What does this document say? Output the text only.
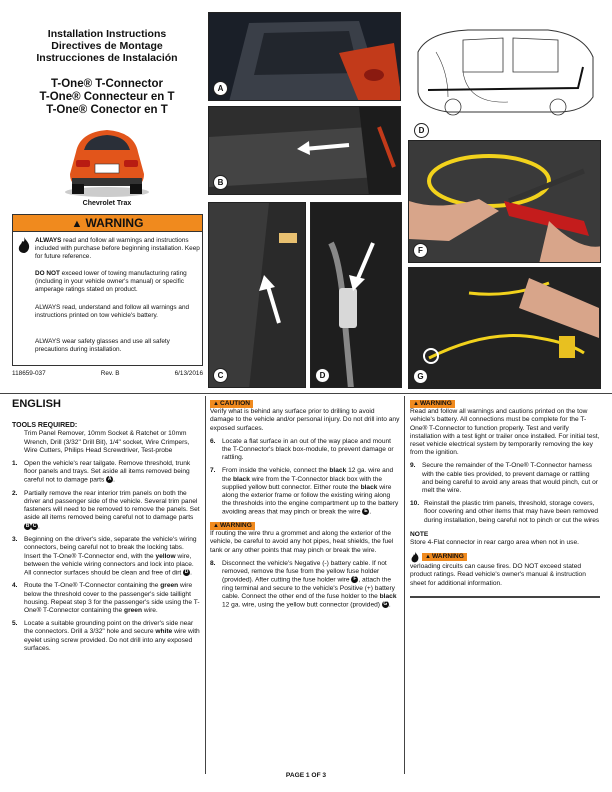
Installation Instructions
Directives de Montage
Instrucciones de Instalación
T-One® T-Connector
T-One® Connecteur en T
T-One® Conector en T
Chevrolet Trax
▲ WARNING
ALWAYS read and follow all warnings and instructions included with purchase before beginning installation. Keep for future reference.
DO NOT exceed lower of towing manufacturing rating (including in your vehicle owner's manual) or specific amperage ratings stated on product.
ALWAYS read, understand and follow all warnings and instructions printed on tow vehicle's battery.
ALWAYS wear safety glasses and use all safety precautions during installation.
118659-037	Rev. B	6/13/2016
A
B
C	D
D
F
G
ENGLISH
TOOLS REQUIRED:
Trim Panel Remover, 10mm Socket & Ratchet or 10mm Wrench, Drill (3/32" Drill Bit), 1/4" socket, Wire Crimpers, Wire Cutters, Philips Head Screwdriver, Test-probe
1. Open the vehicle's rear tailgate. Remove threshold, trunk floor panels and trays. Set aside all items removed being careful not to damage parts A .
2. Partially remove the rear interior trim panels on both the driver and passenger side of the vehicle. Several trim panel fasteners will need to be removed to remove the panels. Set aside all items removed being careful not to damage parts B C .
3. Beginning on the driver's side, separate the vehicle's wiring connectors, being careful not to break the locking tabs. Insert the T-One® T-Connector end, with the yellow wire, between the vehicle wiring connectors and lock into place. All connector surfaces should be clean and free of dirt D .
4. Route the T-One® T-Connector containing the green wire below the threshold cover to the passenger's side taillight housing. Repeat step 3 for the passenger's side using the T-One® T-Connector containing the green wire.
5. Locate a suitable grounding point on the driver's side near the connectors. Drill a 3/32" hole and secure white wire with eyelet using screw provided. Do not drill into any exposed surfaces.
▲CAUTION
Verify what is behind any surface prior to drilling to avoid damage to the vehicle and/or personal injury. Do not drill into any exposed surfaces.
6. Locate a flat surface in an out of the way place and mount the T-Connector's black box-module, to prevent damage or rattling.
7. From inside the vehicle, connect the black 12 ga. wire and the black wire from the T-Connector black box with the supplied yellow butt connector. Either route the black wire along the exterior frame or follow the existing wiring along the thresholds into the engine compartment up to the battery avoiding areas that may pinch or break the wire E .
▲WARNING
If routing the wire thru a grommet and along the exterior of the vehicle, be careful to avoid any hot pipes, heat shields, the fuel tank or any other points that may pinch or break the wire.
8. Disconnect the vehicle's Negative (-) battery cable. If not removed, remove the fuse from the yellow fuse holder (provided). After cutting the fuse holder wire F , attach the ring terminal and secure to the vehicle's Positive (+) battery cable. Connect the other end of the fuse holder to the black 12 ga. wire, using the yellow butt connector (provided) G .
▲WARNING
Read and follow all warnings and cautions printed on the tow vehicle's battery. All connections must be complete for the T-One® T-Connector to function properly. Test and verify installation with a test light or trailer once installed. For initial test, reset vehicle electrical system by temporarily removing the key from the ignition.
9. Secure the remainder of the T-One® T-Connector harness with the cable ties provided, to prevent damage or rattling and being careful to avoid any areas that would pinch, cut or melt the wire.
10. Reinstall the plastic trim panels, threshold, storage covers, floor covering and other items that may have been removed during installation, being careful not to pinch or cut the wires
NOTE
Store 4-Flat connector in rear cargo area when not in use.
▲WARNING
verloading circuits can cause fires. DO NOT exceed stated product ratings. Read vehicle's owner's manual & instruction sheet for additional information.
PAGE 1 OF 3
